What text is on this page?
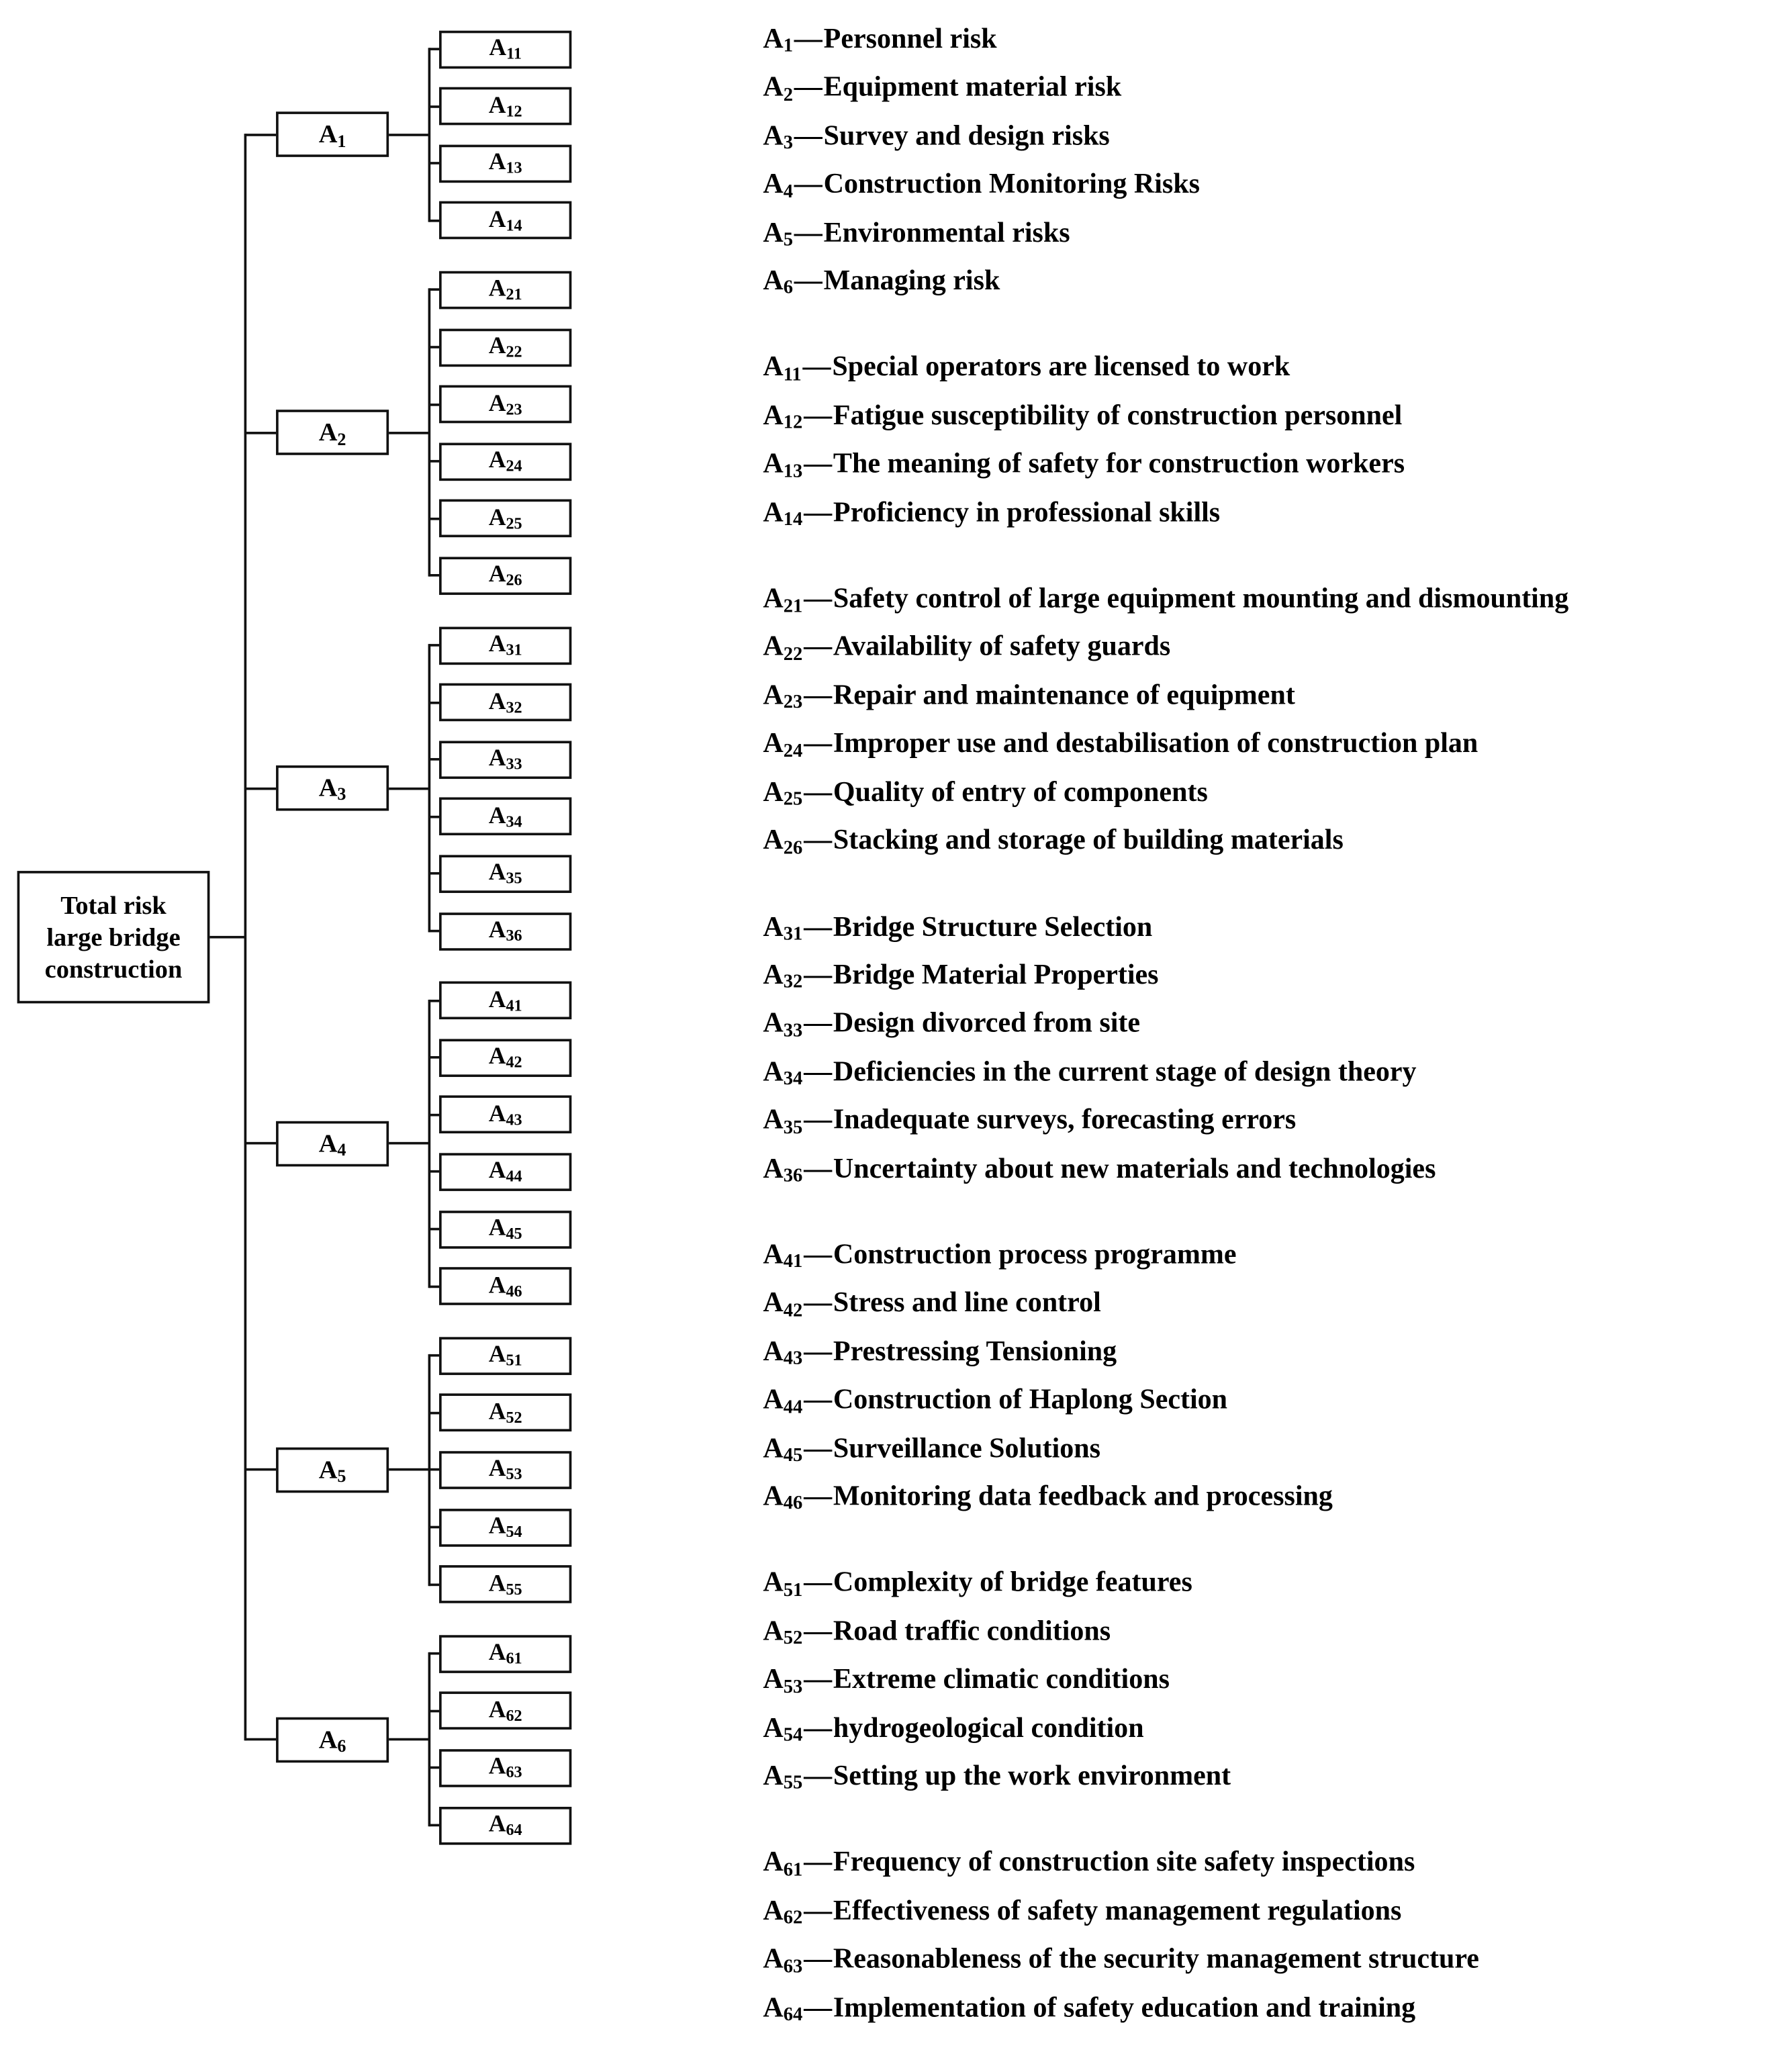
Total risk
large bridge
construction
A1—Personnel risk
A2—Equipment material risk
A3—Survey and design risks
A4—Construction Monitoring Risks
A5—Environmental risks
A6—Managing risk
A11—Special operators are licensed to work
A12—Fatigue susceptibility of construction personnel
A13—The meaning of safety for construction workers
A14—Proficiency in professional skills
A21—Safety control of large equipment mounting and dismounting
A22—Availability of safety guards
A23—Repair and maintenance of equipment
A24—Improper use and destabilisation of construction plan
A25—Quality of entry of components
A26—Stacking and storage of building materials
A31—Bridge Structure Selection
A32—Bridge Material Properties
A33—Design divorced from site
A34—Deficiencies in the current stage of design theory
A35—Inadequate surveys, forecasting errors
A36—Uncertainty about new materials and technologies
A41—Construction process programme
A42—Stress and line control
A43—Prestressing Tensioning
A44—Construction of Haplong Section
A45—Surveillance Solutions
A46—Monitoring data feedback and processing
A51—Complexity of bridge features
A52—Road traffic conditions
A53—Extreme climatic conditions
A54—hydrogeological condition
A55—Setting up the work environment
A61—Frequency of construction site safety inspections
A62—Effectiveness of safety management regulations
A63—Reasonableness of the security management structure
A64—Implementation of safety education and training
A1
A11
A12
A13
A14
A2
A21
A22
A23
A24
A25
A26
A3
A31
A32
A33
A34
A35
A36
A4
A41
A42
A43
A44
A45
A46
A5
A51
A52
A53
A54
A55
A6
A61
A62
A63
A64
